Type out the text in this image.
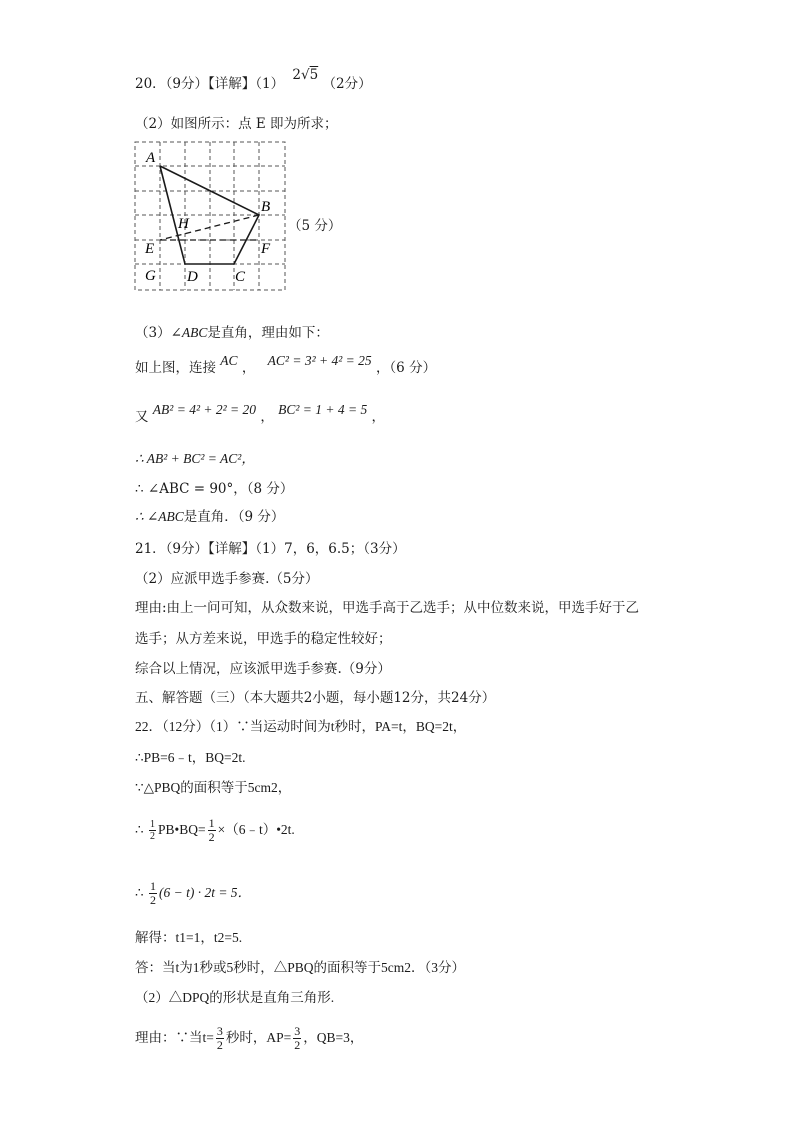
20．（9分）【详解】（1） 2√5 （2分）
（2）如图所示：点 E 即为所求；
A
B
H
E	F
G D C
（5 分）
（3）∠ABC是直角，理由如下：
如上图，连接 AC ， AC² = 3² + 4² = 25 ，（6 分）
又 AB² = 4² + 2² = 20 ， BC² = 1 + 4 = 5 ，
∴ AB² + BC² = AC²，
∴ ∠ABC = 90°，（8 分）
∴ ∠ABC是直角．（9 分）
21．（9分）【详解】（1）7，6，6.5；（3分）
（2）应派甲选手参赛.（5分）
理由:由上一问可知，从众数来说，甲选手高于乙选手；从中位数来说，甲选手好于乙
选手；从方差来说，甲选手的稳定性较好；
综合以上情况，应该派甲选手参赛.（9分）
五、解答题（三）（本大题共2小题，每小题12分，共24分）
22．（12分）（1）∵当运动时间为t秒时，PA=t，BQ=2t，
∴PB=6﹣t，BQ=2t.
∵△PBQ的面积等于5cm2，
∴ $\frac{1}{2}$ PB•BQ= $\frac{1}{2}$ ×（6﹣t）•2t.
∴ $\frac{1}{2} (6 - t) \cdot 2t = 5$．
解得：t1=1，t2=5.
答：当t为1秒或5秒时，△PBQ的面积等于5cm2．（3分）
（2）△DPQ的形状是直角三角形.
理由：∵当$t= \frac{3}{2}$ 秒时，$AP= \frac{3}{2}$ ，QB=3，
